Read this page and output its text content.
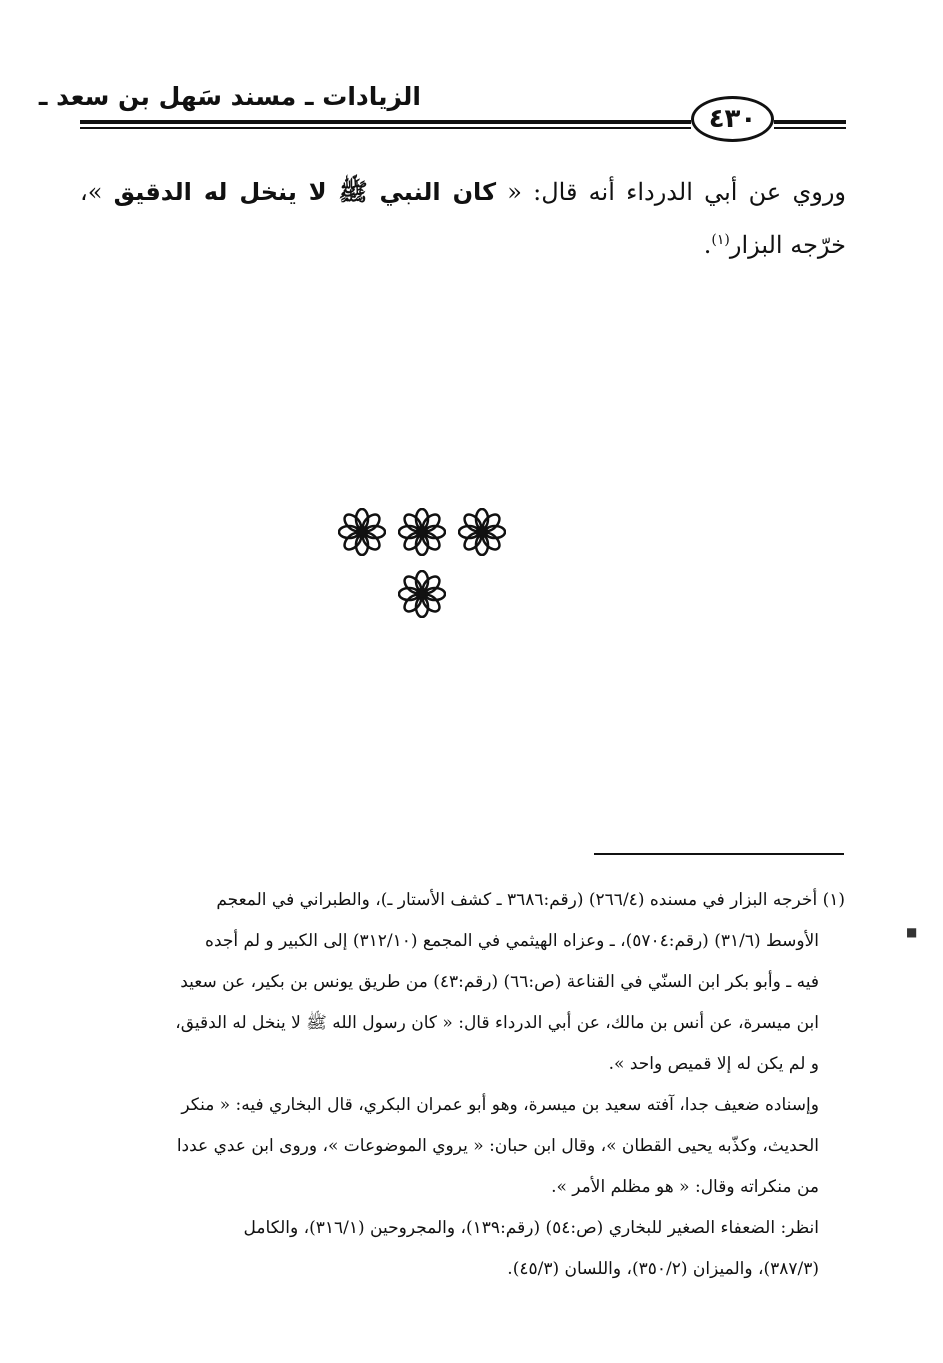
الزيادات ـ مسند سَهل بن سعد ـ
٤٣٠
وروي عن أبي الدرداء أنه قال: « كان النبي ﷺ لا ينخل له الدقيق »، خرّجه البزار$^{(١)}$.

(١) أخرجه البزار في مسنده (٢٦٦/٤) (رقم:٣٦٨٦ ـ كشف الأستار ـ)، والطبراني في المعجم

الأوسط (٣١/٦) (رقم:٥٧٠٤)، ـ وعزاه الهيثمي في المجمع (٣١٢/١٠) إلى الكبير و لم أجده

فيه ـ وأبو بكر ابن السنّي في القناعة (ص:٦٦) (رقم:٤٣) من طريق يونس بن بكير، عن سعيد

ابن ميسرة، عن أنس بن مالك، عن أبي الدرداء قال: « كان رسول الله ﷺ لا ينخل له الدقيق،

و لم يكن له إلا قميص واحد ».

وإسناده ضعيف جدا، آفته سعيد بن ميسرة، وهو أبو عمران البكري، قال البخاري فيه: « منكر

الحديث، وكذّبه يحيى القطان »، وقال ابن حبان: « يروي الموضوعات »، وروى ابن عدي عددا

من منكراته وقال: « هو مظلم الأمر ».

انظر: الضعفاء الصغير للبخاري (ص:٥٤) (رقم:١٣٩)، والمجروحين (٣١٦/١)، والكامل

(٣٨٧/٣)، والميزان (٣٥٠/٢)، واللسان (٤٥/٣).

■
